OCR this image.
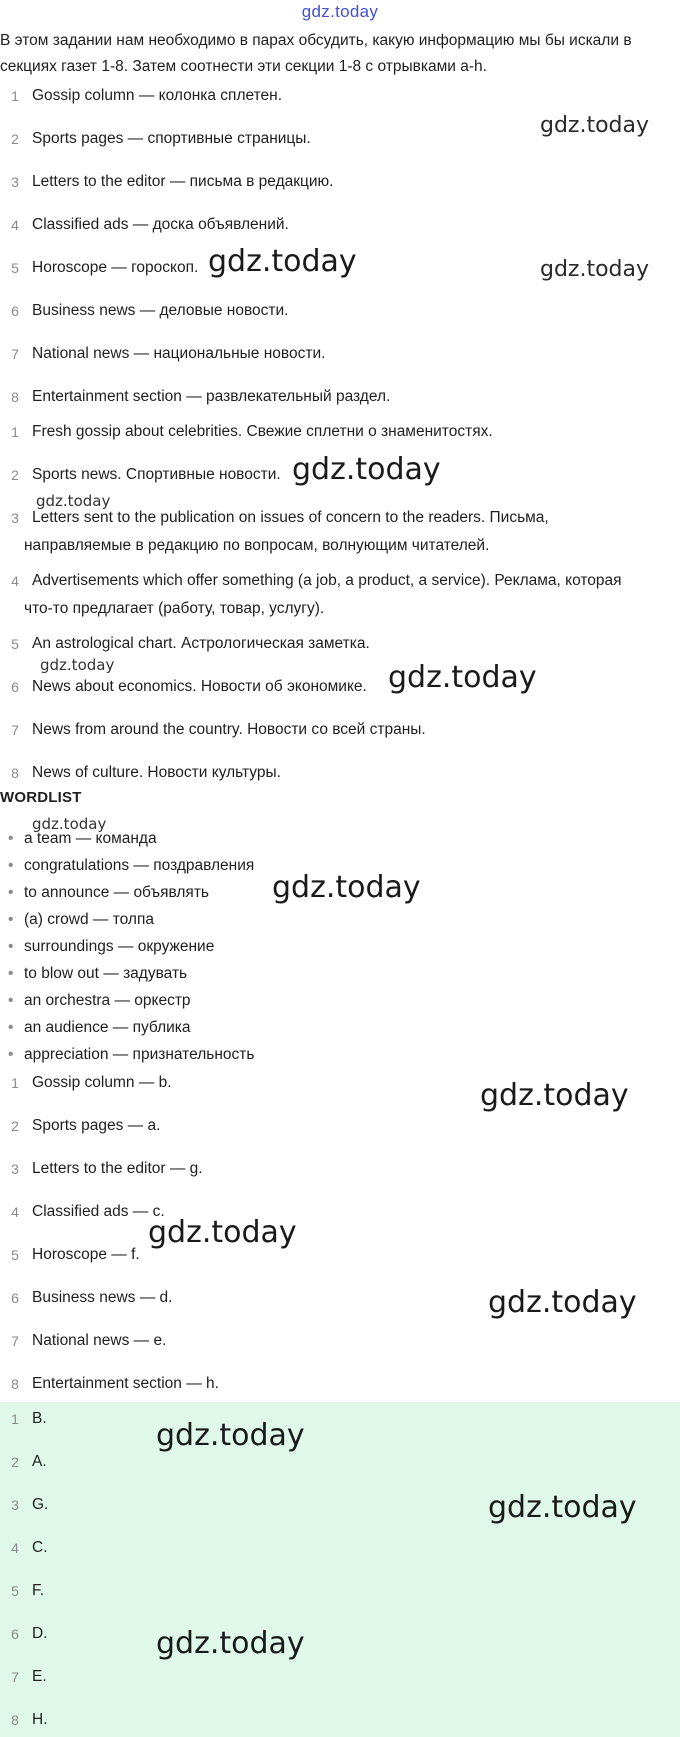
gdz.today
В этом задании нам необходимо в парах обсудить, какую информацию мы бы искали в секциях газет 1-8. Затем соотнести эти секции 1-8 с отрывками a-h.
1 Gossip column — колонка сплетен.
2 Sports pages — спортивные страницы.
3 Letters to the editor — письма в редакцию.
4 Classified ads — доска объявлений.
5 Horoscope — гороскоп.
6 Business news — деловые новости.
7 National news — национальные новости.
8 Entertainment section — развлекательный раздел.
1 Fresh gossip about celebrities. Свежие сплетни о знаменитостях.
2 Sports news. Спортивные новости.
3 Letters sent to the publication on issues of concern to the readers. Письма,
направляемые в редакцию по вопросам, волнующим читателей.
4 Advertisements which offer something (a job, a product, a service). Реклама, которая
что-то предлагает (работу, товар, услугу).
5 An astrological chart. Астрологическая заметка.
6 News about economics. Новости об экономике.
7 News from around the country. Новости со всей страны.
8 News of culture. Новости культуры.
WORDLIST
• a team — команда
• congratulations — поздравления
• to announce — объявлять
• (a) crowd — толпа
• surroundings — окружение
• to blow out — задувать
• an orchestra — оркестр
• an audience — публика
• appreciation — признательность
1 Gossip column — b.
2 Sports pages — a.
3 Letters to the editor — g.
4 Classified ads — c.
5 Horoscope — f.
6 Business news — d.
7 National news — e.
8 Entertainment section — h.
1 B.
2 A.
3 G.
4 C.
5 F.
6 D.
7 E.
8 H.
gdz.today
gdz.today	gdz.today
gdz.today
gdz.today
gdz.today	gdz.today
gdz.today
gdz.today
gdz.today
gdz.today
gdz.today
gdz.today
gdz.today
gdz.today
